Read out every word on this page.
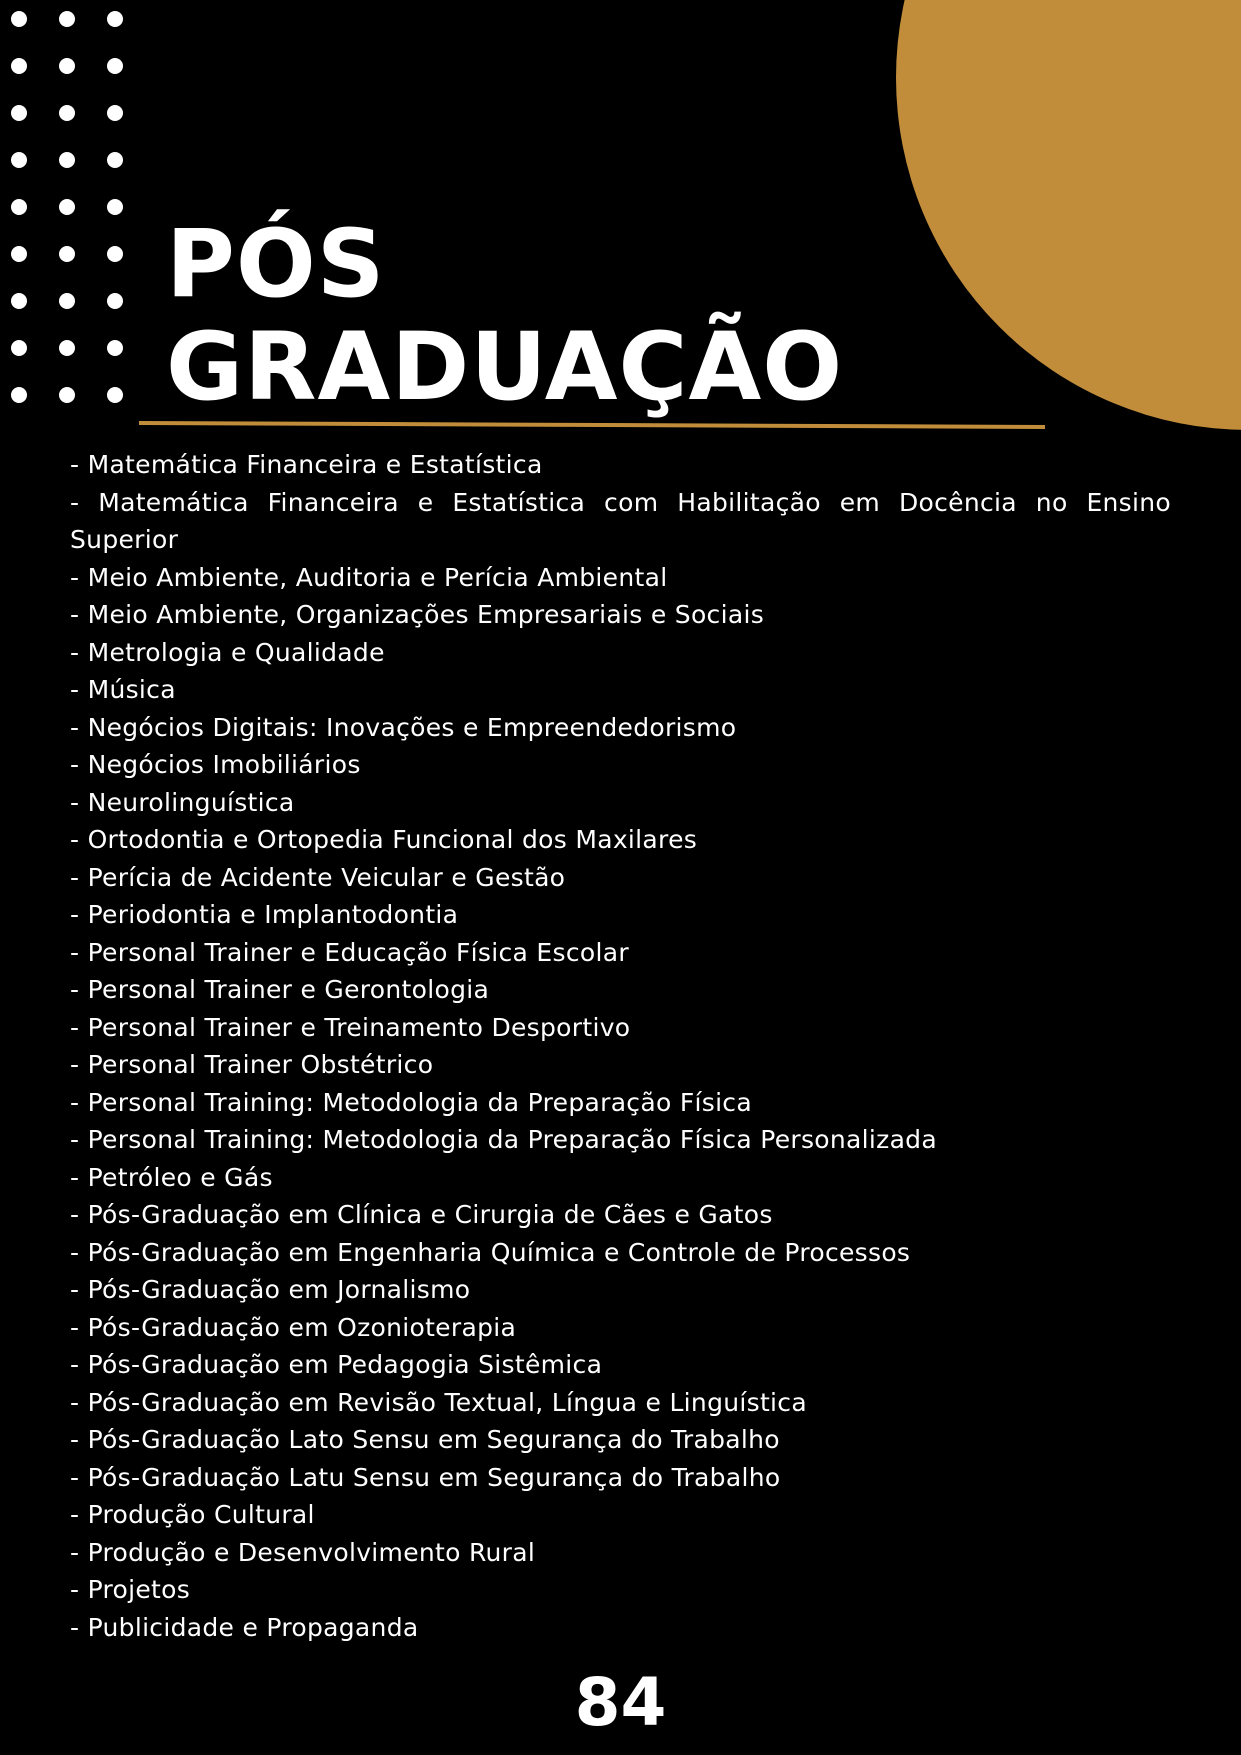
PÓS
GRADUAÇÃO
- Matemática Financeira e Estatística
- Matemática Financeira e Estatística com Habilitação em Docência no Ensino Superior
- Meio Ambiente, Auditoria e Perícia Ambiental
- Meio Ambiente, Organizações Empresariais e Sociais
- Metrologia e Qualidade
- Música
- Negócios Digitais: Inovações e Empreendedorismo
- Negócios Imobiliários
- Neurolinguística
- Ortodontia e Ortopedia Funcional dos Maxilares
- Perícia de Acidente Veicular e Gestão
- Periodontia e Implantodontia
- Personal Trainer e Educação Física Escolar
- Personal Trainer e Gerontologia
- Personal Trainer e Treinamento Desportivo
- Personal Trainer Obstétrico
- Personal Training: Metodologia da Preparação Física
- Personal Training: Metodologia da Preparação Física Personalizada
- Petróleo e Gás
- Pós-Graduação em Clínica e Cirurgia de Cães e Gatos
- Pós-Graduação em Engenharia Química e Controle de Processos
- Pós-Graduação em Jornalismo
- Pós-Graduação em Ozonioterapia
- Pós-Graduação em Pedagogia Sistêmica
- Pós-Graduação em Revisão Textual, Língua e Linguística
- Pós-Graduação Lato Sensu em Segurança do Trabalho
- Pós-Graduação Latu Sensu em Segurança do Trabalho
- Produção Cultural
- Produção e Desenvolvimento Rural
- Projetos
- Publicidade e Propaganda
84
